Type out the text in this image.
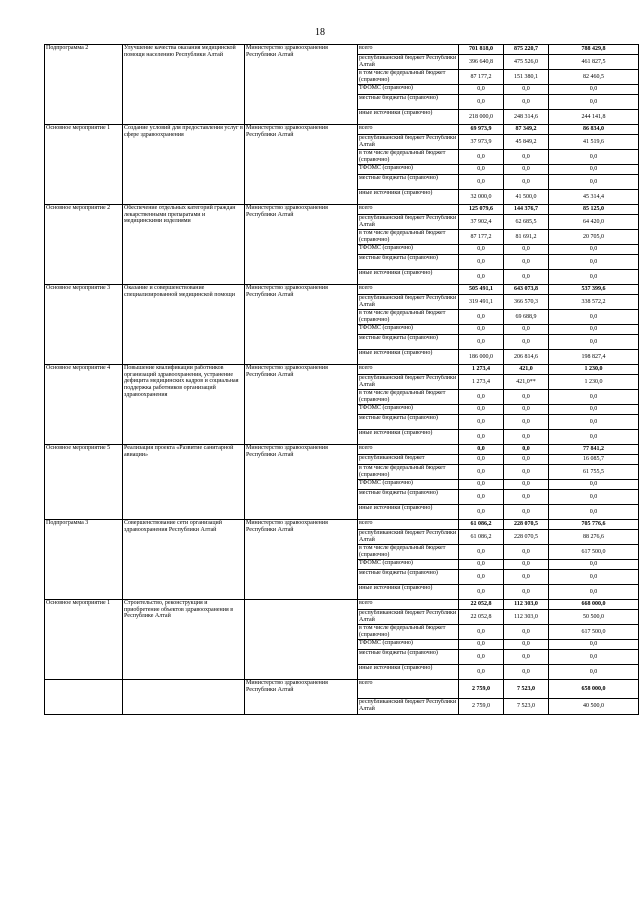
18
Подпрограмма 2	Улучшение качества оказания медицинской помощи населению Республики Алтай	Министерство здравоохранения Республики Алтай	всего	701 818,0	875 220,7	788 429,8
			республиканский бюджет Республики Алтай	396 640,8	475 526,0	461 827,5
			в том числе федеральный бюджет (справочно)	87 177,2	151 380,1	82 460,5
			ТФОМС (справочно)	0,0	0,0	0,0
			местные бюджеты (справочно)	0,0	0,0	0,0
			иные источники (справочно)	218 000,0	248 314,6	244 141,8
Основное мероприятие 1	Создание условий для предоставления услуг в сфере здравоохранения	Министерство здравоохранения Республики Алтай	всего	69 973,9	87 349,2	86 834,0
			республиканский бюджет Республики Алтай	37 973,9	45 849,2	41 519,6
			в том числе федеральный бюджет (справочно)	0,0	0,0	0,0
			ТФОМС (справочно)	0,0	0,0	0,0
			местные бюджеты (справочно)	0,0	0,0	0,0
			иные источники (справочно)	32 000,0	41 500,0	45 314,4
Основное мероприятие 2	Обеспечение отдельных категорий граждан лекарственными препаратами и медицинскими изделиями	Министерство здравоохранения Республики Алтай	всего	125 079,6	144 376,7	85 125,0
			республиканский бюджет Республики Алтай	37 902,4	62 685,5	64 420,0
			в том числе федеральный бюджет (справочно)	87 177,2	81 691,2	20 705,0
			ТФОМС (справочно)	0,0	0,0	0,0
			местные бюджеты (справочно)	0,0	0,0	0,0
			иные источники (справочно)	0,0	0,0	0,0
Основное мероприятие 3	Оказание и совершенствование специализированной медицинской помощи	Министерство здравоохранения Республики Алтай	всего	505 491,1	643 073,8	537 399,6
			республиканский бюджет Республики Алтай	319 491,1	366 570,3	338 572,2
			в том числе федеральный бюджет (справочно)	0,0	69 688,9	0,0
			ТФОМС (справочно)	0,0	0,0	0,0
			местные бюджеты (справочно)	0,0	0,0	0,0
			иные источники (справочно)	186 000,0	206 814,6	198 827,4
Основное мероприятие 4	Повышение квалификации работников организаций здравоохранения, устранение дефицита медицинских кадров и социальная поддержка работников организаций здравоохранения	Министерство здравоохранения Республики Алтай	всего	1 273,4	421,0	1 230,0
			республиканский бюджет Республики Алтай	1 273,4	421,0**	1 230,0
			в том числе федеральный бюджет (справочно)	0,0	0,0	0,0
			ТФОМС (справочно)	0,0	0,0	0,0
			местные бюджеты (справочно)	0,0	0,0	0,0
			иные источники (справочно)	0,0	0,0	0,0
Основное мероприятие 5	Реализация проекта «Развитие санитарной авиации»	Министерство здравоохранения Республики Алтай	всего	0,0	0,0	77 841,2
			республиканский бюджет	0,0	0,0	16 085,7
			в том числе федеральный бюджет (справочно)	0,0	0,0	61 755,5
			ТФОМС (справочно)	0,0	0,0	0,0
			местные бюджеты (справочно)	0,0	0,0	0,0
			иные источники (справочно)	0,0	0,0	0,0
Подпрограмма 3	Совершенствование сети организаций здравоохранения Республики Алтай	Министерство здравоохранения Республики Алтай	всего	61 086,2	228 070,5	705 776,6
			республиканский бюджет Республики Алтай	61 086,2	228 070,5	88 276,6
			в том числе федеральный бюджет (справочно)	0,0	0,0	617 500,0
			ТФОМС (справочно)	0,0	0,0	0,0
			местные бюджеты (справочно)	0,0	0,0	0,0
			иные источники (справочно)	0,0	0,0	0,0
Основное мероприятие 1	Строительство, реконструкция и приобретение объектов здравоохранения в Республике Алтай		всего	22 052,8	112 303,0	668 000,0
			республиканский бюджет Республики Алтай	22 052,8	112 303,0	50 500,0
			в том числе федеральный бюджет (справочно)	0,0	0,0	617 500,0
			ТФОМС (справочно)	0,0	0,0	0,0
			местные бюджеты (справочно)	0,0	0,0	0,0
			иные источники (справочно)	0,0	0,0	0,0
		Министерство здравоохранения Республики Алтай	всего	2 759,0	7 523,0	658 000,0
			республиканский бюджет Республики Алтай	2 759,0	7 523,0	40 500,0
